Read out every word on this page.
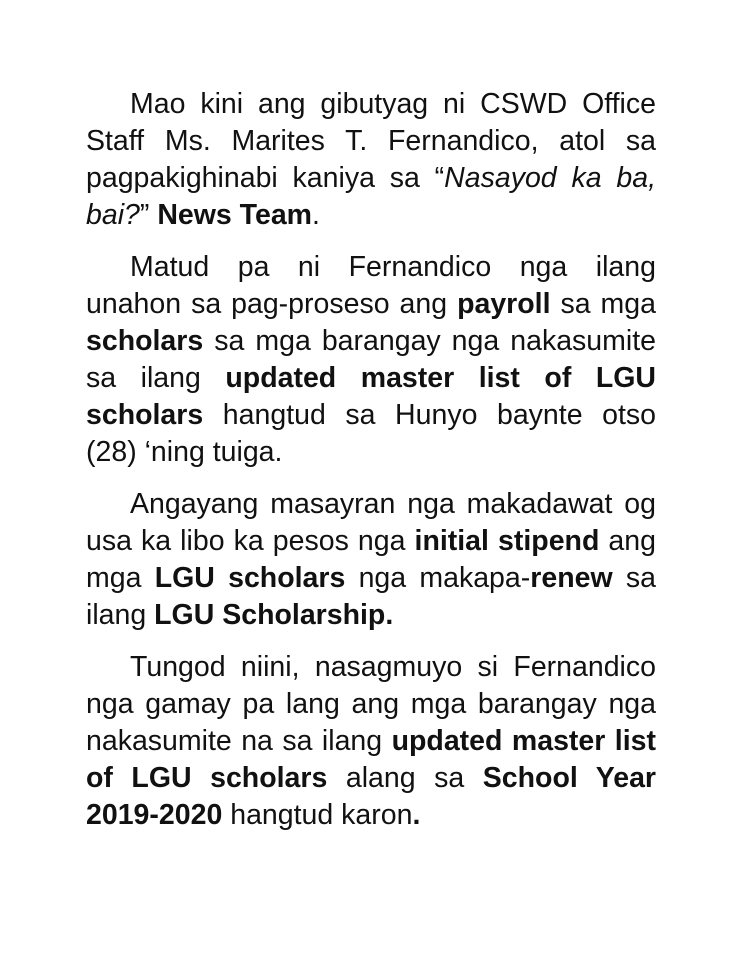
Mao kini ang gibutyag ni CSWD Office Staff Ms. Marites T. Fernandico, atol sa pagpakighinabi kaniya sa “Nasayod ka ba, bai?” News Team.

Matud pa ni Fernandico nga ilang unahon sa pag-proseso ang payroll sa mga scholars sa mga barangay nga nakasumite sa ilang updated master list of LGU scholars hangtud sa Hunyo baynte otso (28) ‘ning tuiga.

Angayang masayran nga makadawat og usa ka libo ka pesos nga initial stipend ang mga LGU scholars nga makapa-renew sa ilang LGU Scholarship.

Tungod niini, nasagmuyo si Fernandico nga gamay pa lang ang mga barangay nga nakasumite na sa ilang updated master list of LGU scholars alang sa School Year 2019-2020 hangtud karon.
